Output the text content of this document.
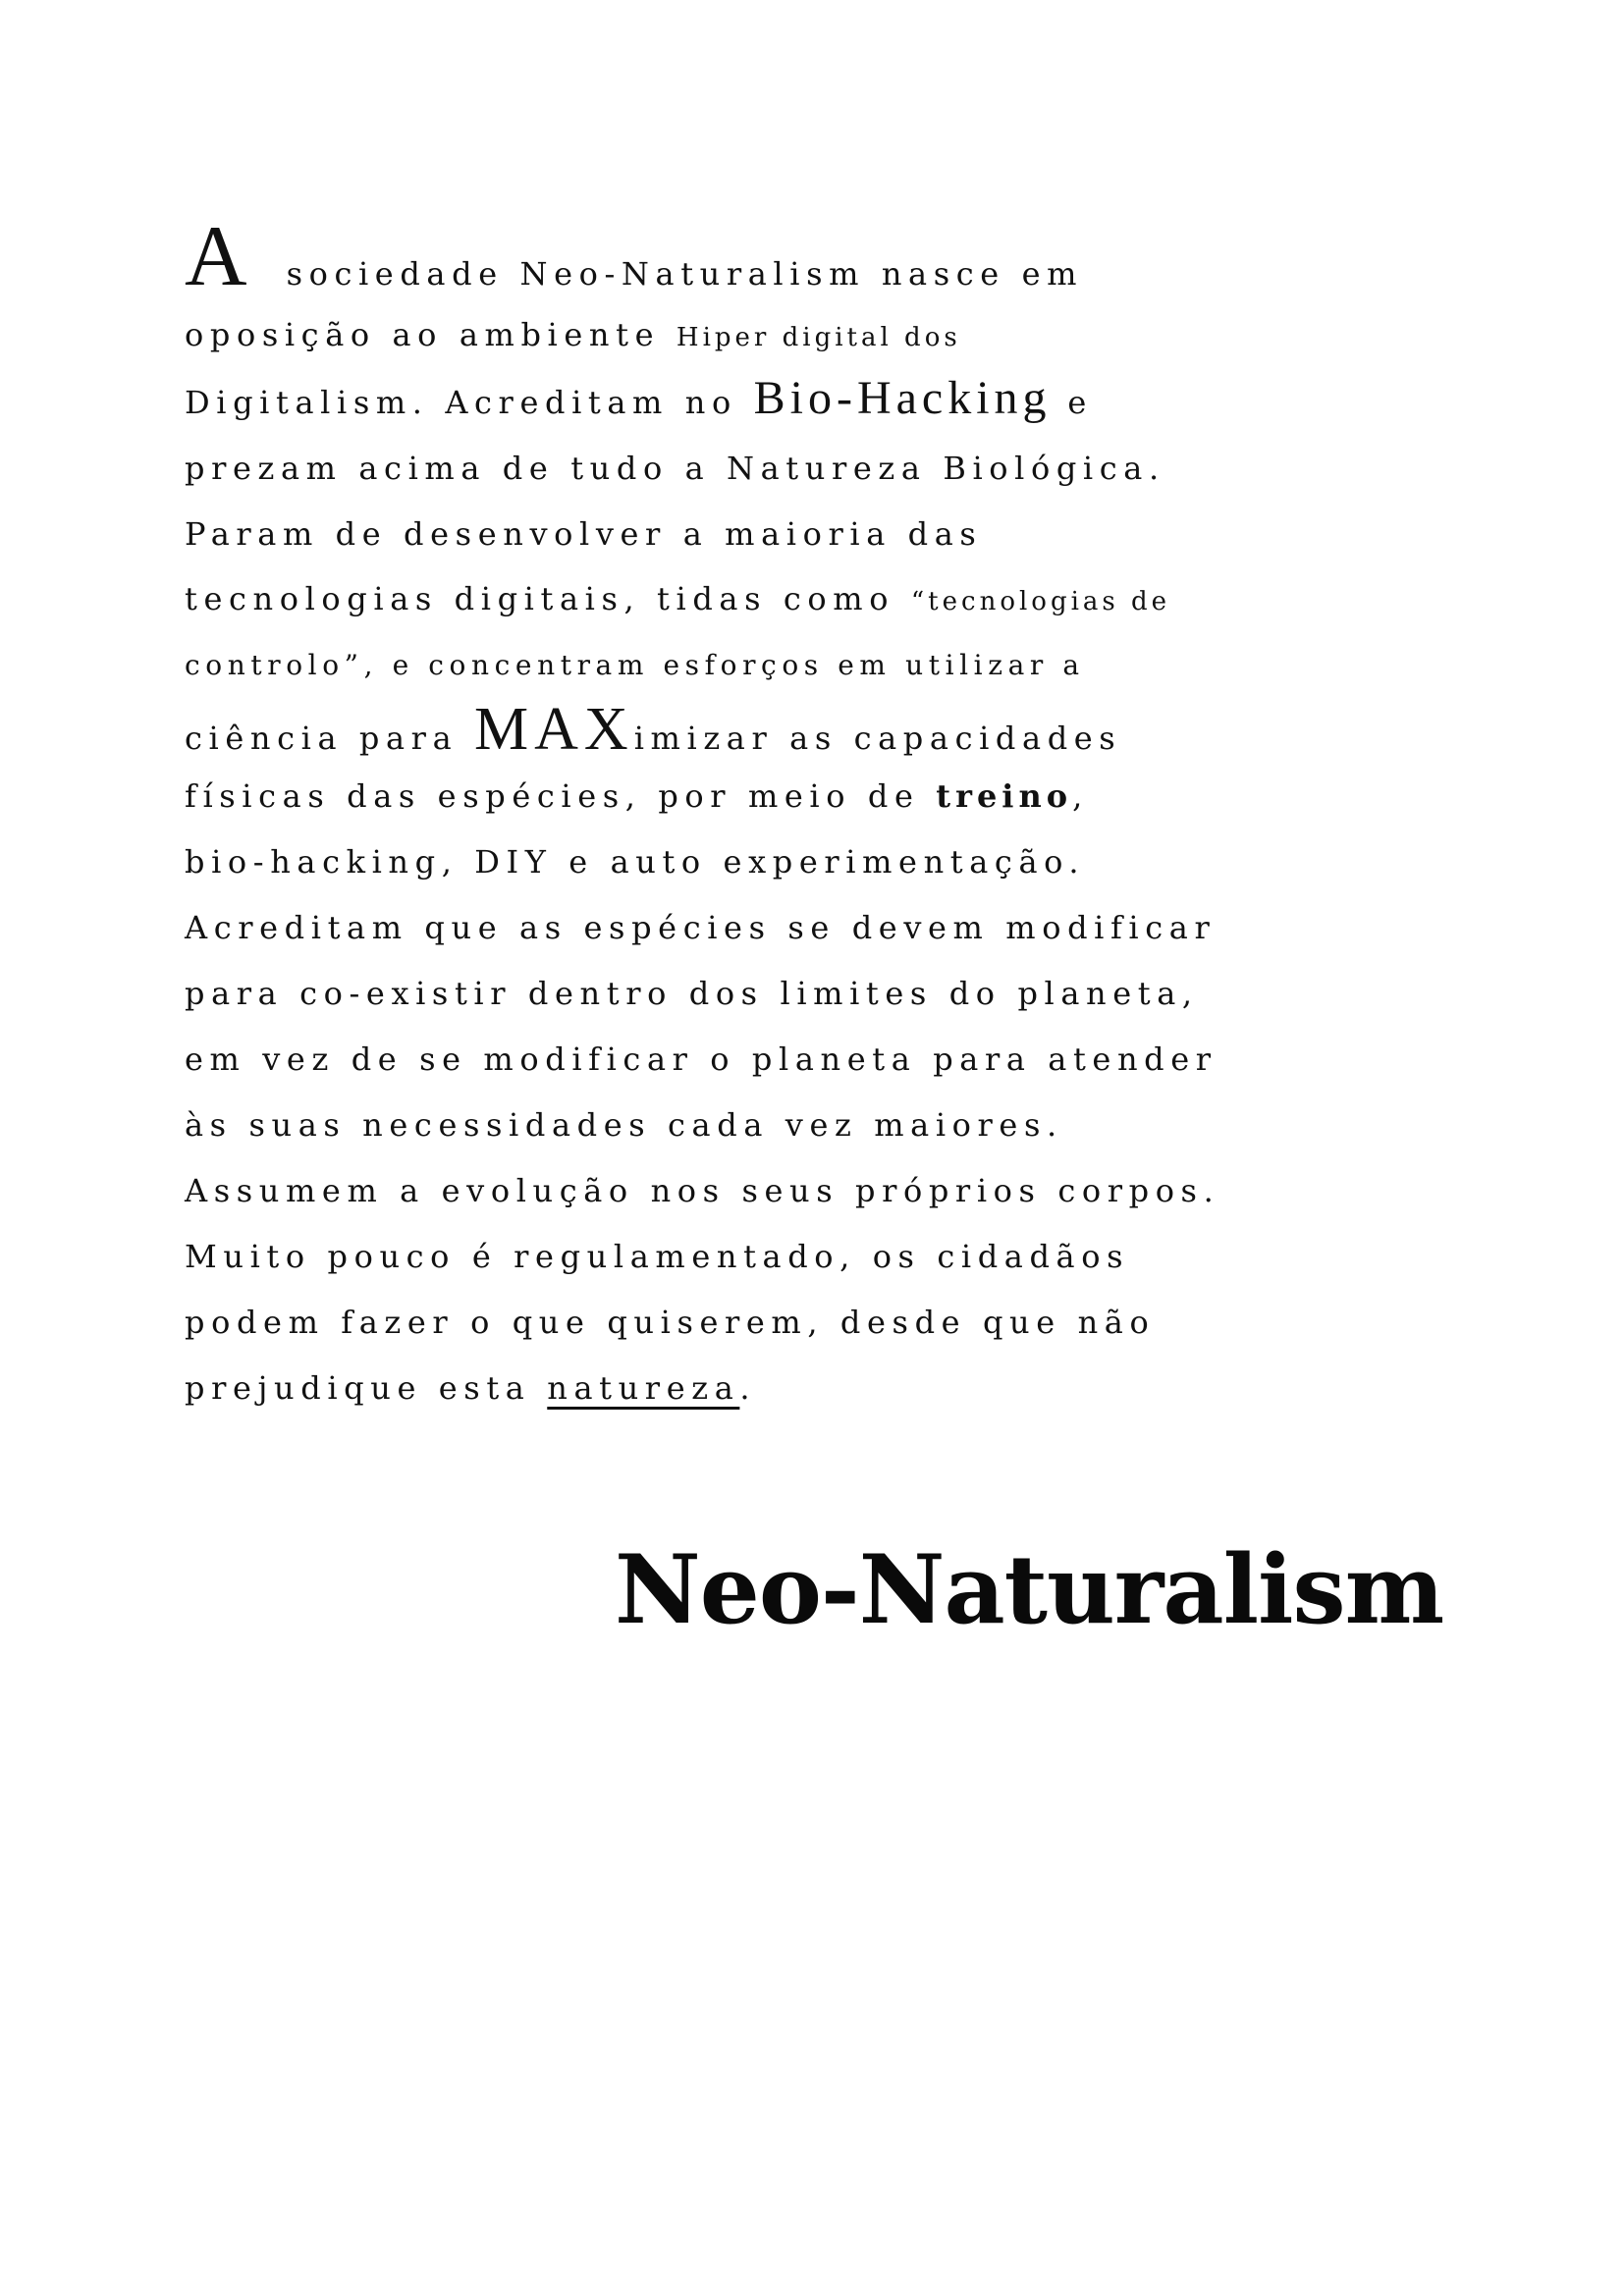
A sociedade Neo-Naturalism nasce em
oposição ao ambiente Hiper digital dos
Digitalism. Acreditam no Bio-Hacking e
prezam acima de tudo a Natureza Biológica.
Param de desenvolver a maioria das
tecnologias digitais, tidas como “tecnologias de
controlo”, e concentram esforços em utilizar a
ciência para MAXimizar as capacidades
físicas das espécies, por meio de treino,
bio-hacking, DIY e auto experimentação.
Acreditam que as espécies se devem modificar
para co-existir dentro dos limites do planeta,
em vez de se modificar o planeta para atender
às suas necessidades cada vez maiores.
Assumem a evolução nos seus próprios corpos.
Muito pouco é regulamentado, os cidadãos
podem fazer o que quiserem, desde que não
prejudique esta natureza.
Neo-Naturalism
